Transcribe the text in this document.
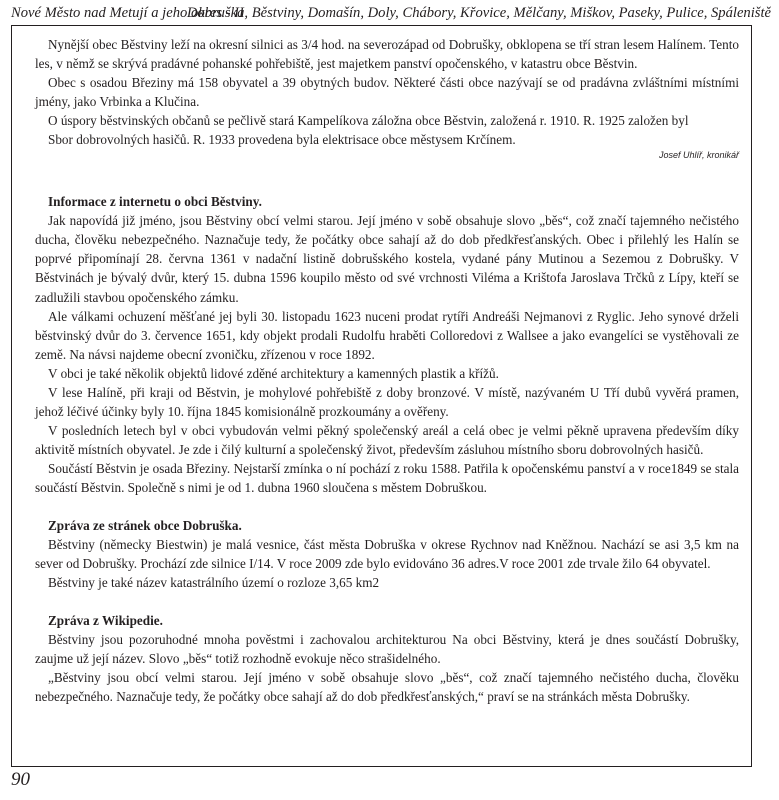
Nové Město nad Metují a jeho okres - II
Dobruška, Běstviny, Domašín, Doly, Chábory, Křovice, Mělčany, Miškov, Paseky, Pulice, Spáleniště

Nynější obec Běstviny leží na okresní silnici as 3/4 hod. na severozápad od Dobrušky, obklopena se tří stran lesem Halínem. Tento les, v němž se skrývá pradávné pohanské pohřebiště, jest majetkem panství opočenského, v katastru obce Běstvin.

Obec s osadou Březiny má 158 obyvatel a 39 obytných budov. Některé části obce nazývají se od pradávna zvláštními místními jmény, jako Vrbinka a Klučina.

O úspory běstvinských občanů se pečlivě stará Kampelíkova záložna obce Běstvin, založená r. 1910. R. 1925 založen byl

Sbor dobrovolných hasičů. R. 1933 provedena byla elektrisace obce městysem Krčínem.

Josef Uhlíř, kronikář
Informace z internetu o obci Běstviny.

Jak napovídá již jméno, jsou Běstviny obcí velmi starou. Její jméno v sobě obsahuje slovo „běs“, což značí tajemného nečistého ducha, člověku nebezpečného. Naznačuje tedy, že počátky obce sahají až do dob předkřesťanských. Obec i přilehlý les Halín se poprvé připomínají 28. června 1361 v nadační listině dobrušského kostela, vydané pány Mutinou a Sezemou z Dobrušky. V Běstvinách je bývalý dvůr, který 15. dubna 1596 koupilo město od své vrchnosti Viléma a Krištofa Jaroslava Trčků z Lípy, kteří se zadlužili stavbou opočenského zámku.

Ale válkami ochuzení měšťané jej byli 30. listopadu 1623 nuceni prodat rytíři Andreáši Nejmanovi z Ryglic. Jeho synové drželi běstvinský dvůr do 3. července 1651, kdy objekt prodali Rudolfu hraběti Colloredovi z Wallsee a jako evangelíci se vystěhovali ze země. Na návsi najdeme obecní zvoničku, zřízenou v roce 1892.

V obci je také několik objektů lidové zděné architektury a kamenných plastik a křížů.

V lese Halíně, při kraji od Běstvin, je mohylové pohřebiště z doby bronzové. V místě, nazývaném U Tří dubů vyvěrá pramen, jehož léčivé účinky byly 10. října 1845 komisionálně prozkoumány a ověřeny.

V posledních letech byl v obci vybudován velmi pěkný společenský areál a celá obec je velmi pěkně upravena především díky aktivitě místních obyvatel. Je zde i čilý kulturní a společenský život, především zásluhou místního sboru dobrovolných hasičů.

Součástí Běstvin je osada Březiny. Nejstarší zmínka o ní pochází z roku 1588. Patřila k opočenskému panství a v roce1849 se stala součástí Běstvin. Společně s nimi je od 1. dubna 1960 sloučena s městem Dobruškou.

Zpráva ze stránek obce Dobruška.

Běstviny (německy Biestwin) je malá vesnice, část města Dobruška v okrese Rychnov nad Kněžnou. Nachází se asi 3,5 km na sever od Dobrušky. Prochází zde silnice I/14. V roce 2009 zde bylo evidováno 36 adres.V roce 2001 zde trvale žilo 64 obyvatel.

Běstviny je také název katastrálního území o rozloze 3,65 km2

Zpráva z Wikipedie.

Běstviny jsou pozoruhodné mnoha pověstmi i zachovalou architekturou Na obci Běstviny, která je dnes součástí Dobrušky, zaujme už její název. Slovo „běs“ totiž rozhodně evokuje něco strašidelného.

„Běstviny jsou obcí velmi starou. Její jméno v sobě obsahuje slovo „běs“, což značí tajemného nečistého ducha, člověku nebezpečného. Naznačuje tedy, že počátky obce sahají až do dob předkřesťanských,“ praví se na stránkách města Dobrušky.

90
